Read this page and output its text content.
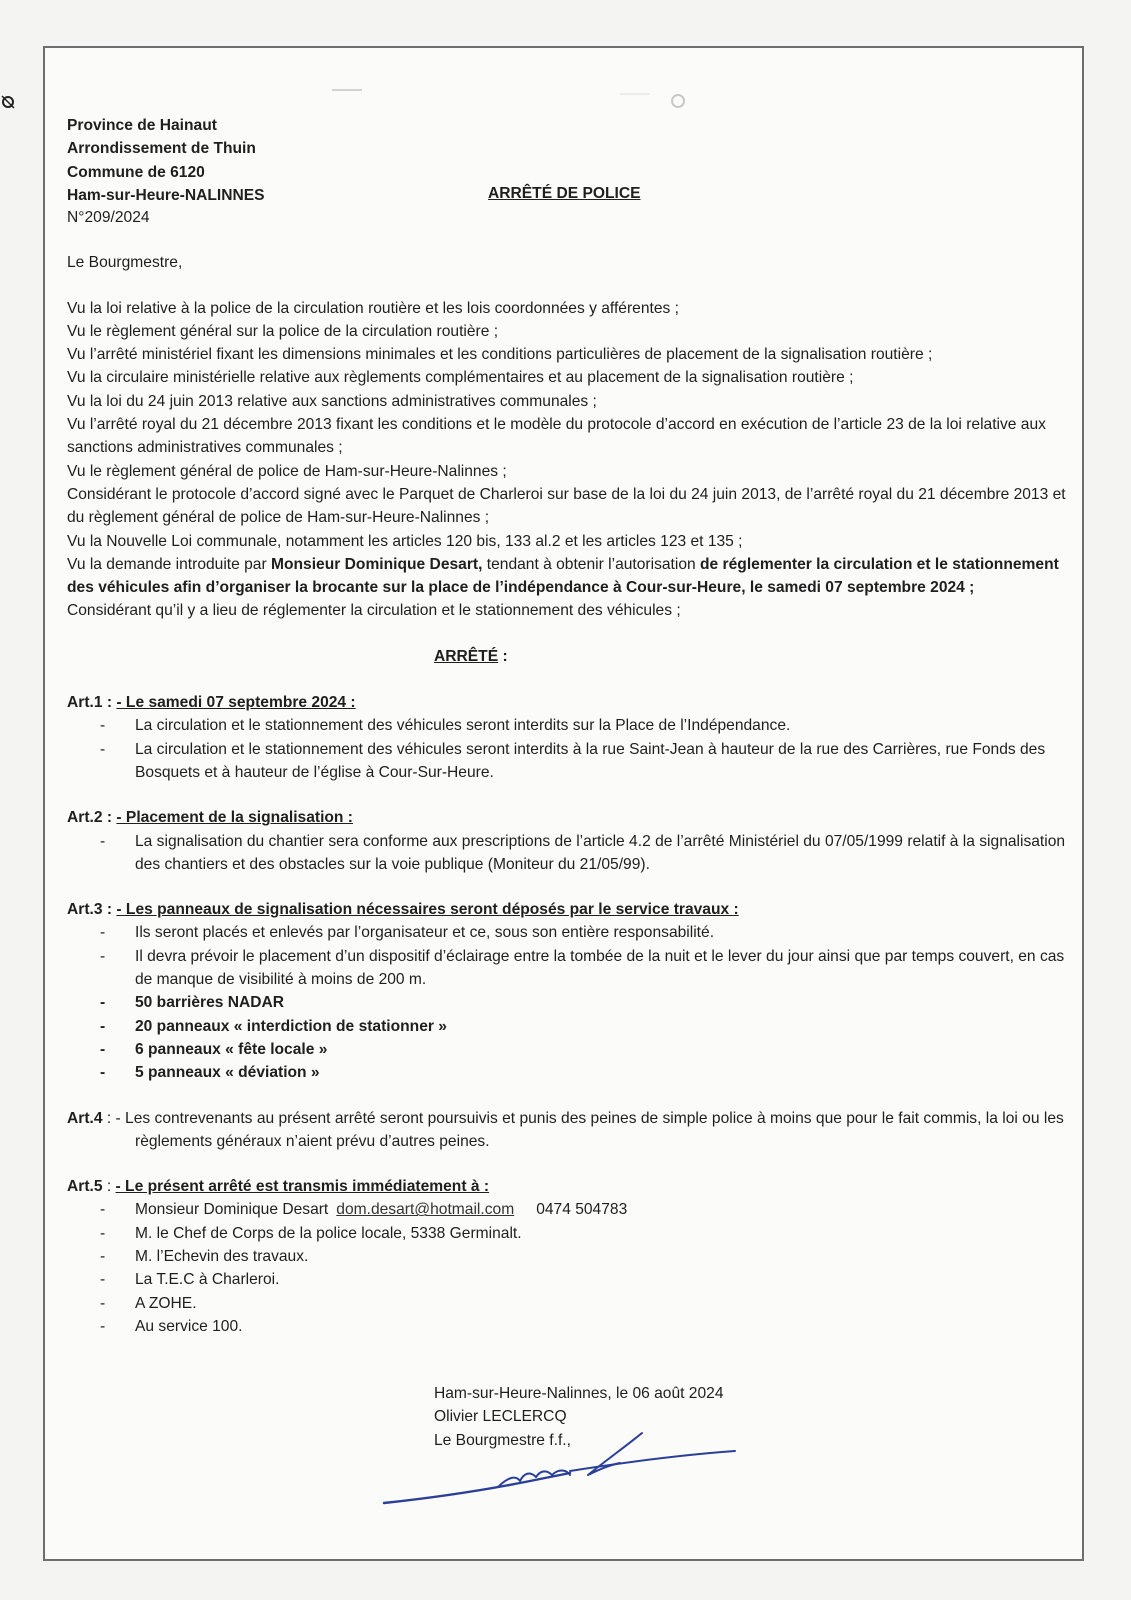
Province de Hainaut

Arrondissement de Thuin

Commune de 6120

Ham-sur-Heure-NALINNES	ARRÊTÉ DE POLICE

N°209/2024

Le Bourgmestre,

Vu la loi relative à la police de la circulation routière et les lois coordonnées y afférentes ;

Vu le règlement général sur la police de la circulation routière ;

Vu l’arrêté ministériel fixant les dimensions minimales et les conditions particulières de placement de la signalisation routière ;

Vu la circulaire ministérielle relative aux règlements complémentaires et au placement de la signalisation routière ;

Vu la loi du 24 juin 2013 relative aux sanctions administratives communales ;

Vu l’arrêté royal du 21 décembre 2013 fixant les conditions et le modèle du protocole d’accord en exécution de l’article 23 de la loi relative aux sanctions administratives communales ;

Vu le règlement général de police de Ham-sur-Heure-Nalinnes ;

Considérant le protocole d’accord signé avec le Parquet de Charleroi sur base de la loi du 24 juin 2013, de l’arrêté royal du 21 décembre 2013 et du règlement général de police de Ham-sur-Heure-Nalinnes ;

Vu la Nouvelle Loi communale, notamment les articles 120 bis, 133 al.2 et les articles 123 et 135 ;

Vu la demande introduite par Monsieur Dominique Desart, tendant à obtenir l’autorisation de réglementer la circulation et le stationnement des véhicules afin d’organiser la brocante sur la place de l’indépendance à Cour-sur-Heure, le samedi 07 septembre 2024 ;

Considérant qu’il y a lieu de réglementer la circulation et le stationnement des véhicules ;

ARRÊTÉ :

Art.1 : - Le samedi 07 septembre 2024 :

- La circulation et le stationnement des véhicules seront interdits sur la Place de l’Indépendance.
- La circulation et le stationnement des véhicules seront interdits à la rue Saint-Jean à hauteur de la rue des Carrières, rue Fonds des Bosquets et à hauteur de l’église à Cour-Sur-Heure.

Art.2 : - Placement de la signalisation :

- La signalisation du chantier sera conforme aux prescriptions de l’article 4.2 de l’arrêté Ministériel du 07/05/1999 relatif à la signalisation des chantiers et des obstacles sur la voie publique (Moniteur du 21/05/99).

Art.3 : - Les panneaux de signalisation nécessaires seront déposés par le service travaux :

- Ils seront placés et enlevés par l’organisateur et ce, sous son entière responsabilité.
- Il devra prévoir le placement d’un dispositif d’éclairage entre la tombée de la nuit et le lever du jour ainsi que par temps couvert, en cas de manque de visibilité à moins de 200 m.
- 50 barrières NADAR
- 20 panneaux « interdiction de stationner »
- 6 panneaux « fête locale »
- 5 panneaux « déviation »

Art.4 : - Les contrevenants au présent arrêté seront poursuivis et punis des peines de simple police à moins que pour le fait commis, la loi ou les règlements généraux n’aient prévu d’autres peines.

Art.5 : - Le présent arrêté est transmis immédiatement à :

- Monsieur Dominique Desart dom.desart@hotmail.com 0474 504783
- M. le Chef de Corps de la police locale, 5338 Germinalt.
- M. l’Echevin des travaux.
- La T.E.C à Charleroi.
- A ZOHE.
- Au service 100.

Ham-sur-Heure-Nalinnes, le 06 août 2024

Olivier LECLERCQ

Le Bourgmestre f.f.,
